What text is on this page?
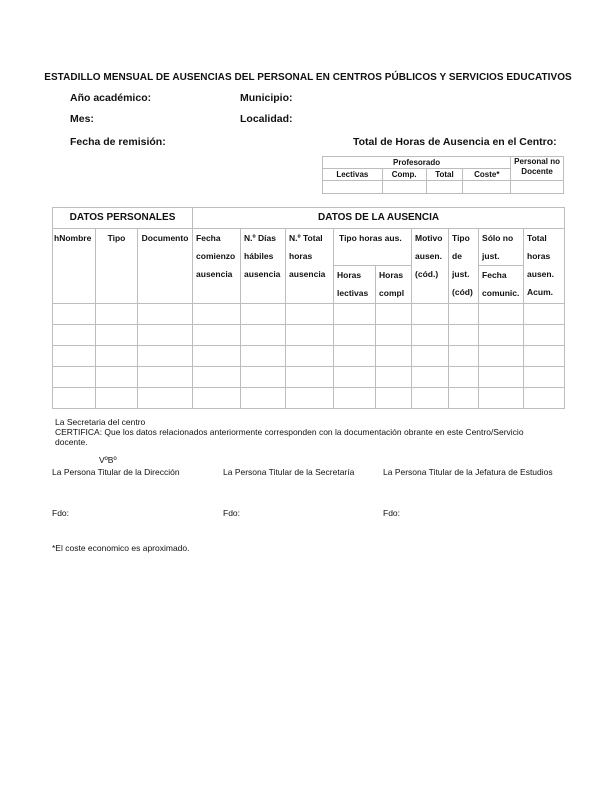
ESTADILLO MENSUAL DE AUSENCIAS DEL PERSONAL EN CENTROS PÚBLICOS Y SERVICIOS EDUCATIVOS
Año académico:	Municipio:
Mes:	Localidad:
Fecha de remisión:	Total de Horas de Ausencia en el Centro:
Profesorado				Personal no Docente
Lectivas	Comp.	Total	Coste*	

DATOS PERSONALES			DATOS DE LA AUSENCIA								
hNombre	Tipo	Documento	Fecha comienzo ausencia	N.º Días hábiles ausencia	N.º Total horas ausencia	Tipo horas aus.		Motivo ausen. (cód.)	Tipo de just. (cód)	Sólo no just.	Total horas ausen. Acum.
						Horas lectivas	Horas compl			Fecha comunic.	

La Secretaria del centro
CERTIFICA: Que los datos relacionados anteriormente corresponden con la documentación obrante en este Centro/Servicio
docente.
VºBº
La Persona Titular de la Dirección	La Persona Titular de la Secretaría	La Persona Titular de la Jefatura de Estudios
Fdo:	Fdo:	Fdo:
*El coste economico es aproximado.
